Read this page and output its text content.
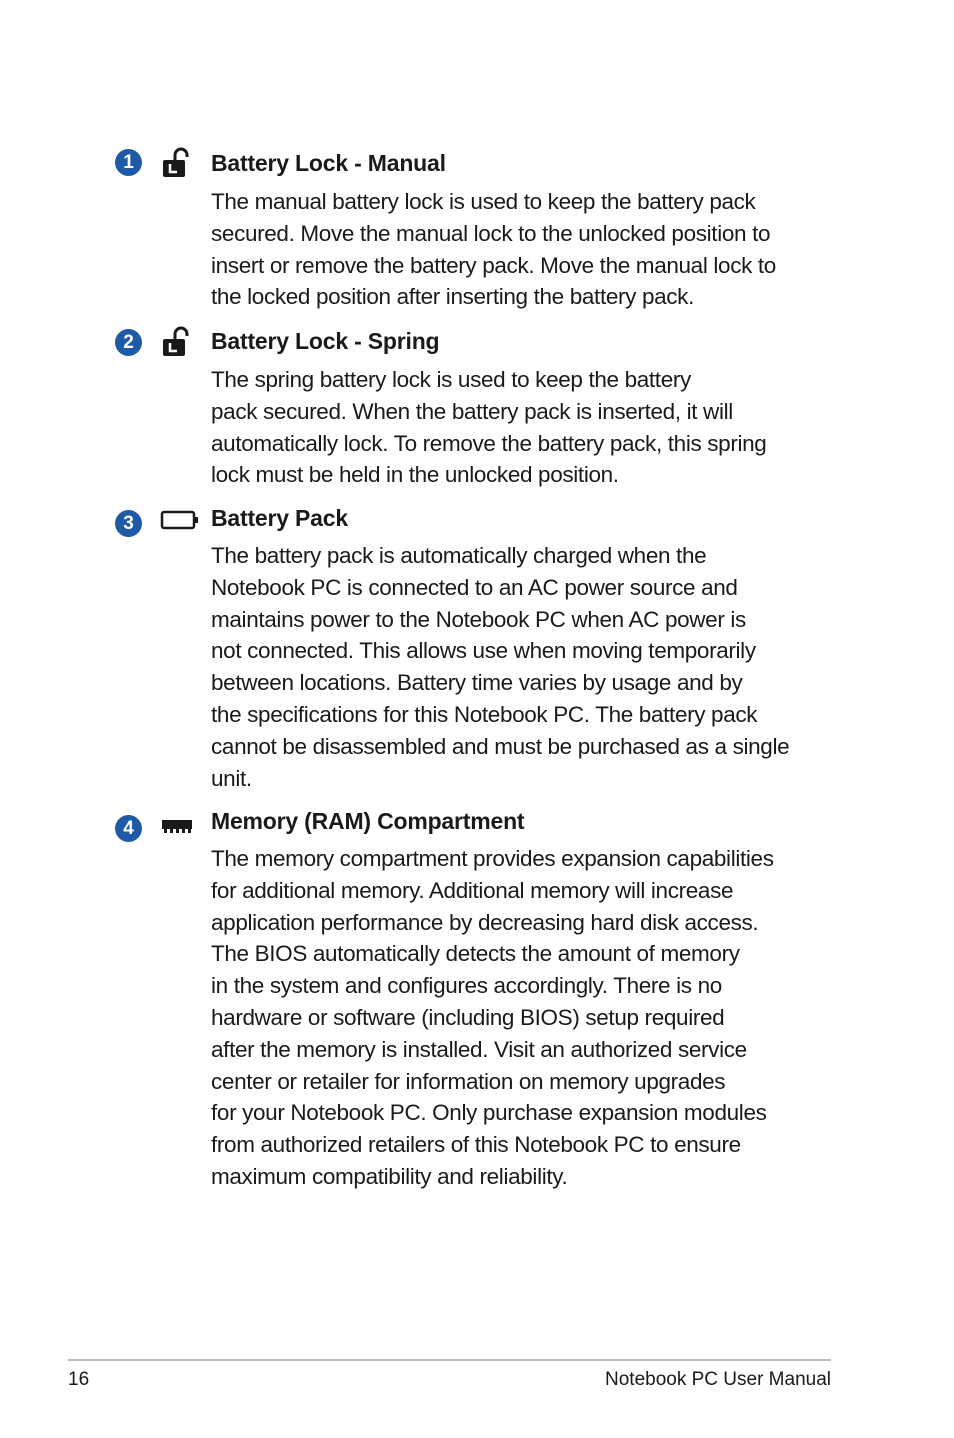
1	Battery Lock - Manual

The manual battery lock is used to keep the battery pack
secured. Move the manual lock to the unlocked position to
insert or remove the battery pack. Move the manual lock to
the locked position after inserting the battery pack.

2	Battery Lock - Spring

The spring battery lock is used to keep the battery
pack secured. When the battery pack is inserted, it will
automatically lock. To remove the battery pack, this spring
lock must be held in the unlocked position.

3	Battery Pack

The battery pack is automatically charged when the
Notebook PC is connected to an AC power source and
maintains power to the Notebook PC when AC power is
not connected. This allows use when moving temporarily
between locations. Battery time varies by usage and by
the specifications for this Notebook PC. The battery pack
cannot be disassembled and must be purchased as a single
unit.

4	Memory (RAM) Compartment

The memory compartment provides expansion capabilities
for additional memory. Additional memory will increase
application performance by decreasing hard disk access.
The BIOS automatically detects the amount of memory
in the system and configures accordingly. There is no
hardware or software (including BIOS) setup required
after the memory is installed. Visit an authorized service
center or retailer for information on memory upgrades
for your Notebook PC. Only purchase expansion modules
from authorized retailers of this Notebook PC to ensure
maximum compatibility and reliability.

16	Notebook PC User Manual
